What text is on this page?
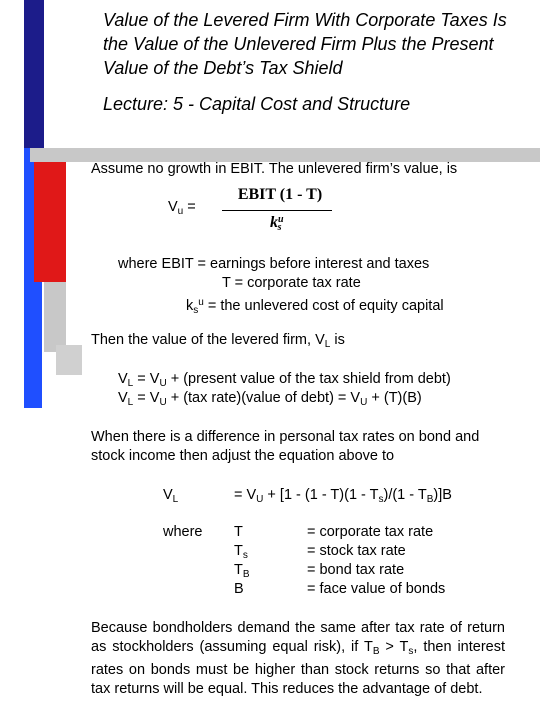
Value of the Levered Firm With Corporate Taxes Is the Value of the Unlevered Firm Plus the Present Value of the Debt’s Tax Shield
Lecture: 5 - Capital Cost and Structure
Assume no growth in EBIT. The unlevered firm’s value, is
$V_u$ =
EBIT (1 - T)
$k^u_s$
where EBIT = earnings before interest and taxes
T = corporate tax rate
$k_s^u$ = the unlevered cost of equity capital
Then the value of the levered firm, $V_L$ is
$V_L = V_U$ + (present value of the tax shield from debt)
$V_L = V_U + (tax$ rate)(value of debt) = $V_U + (T)(B)$
When there is a difference in personal tax rates on bond and stock income then adjust the equation above to
$V_L$	= $V_U + [1 - (1 - T)(1 - T_s)/(1 - T_B)]B$
where T	= corporate tax rate
$T_s$	= stock tax rate
$T_B$	= bond tax rate
B	= face value of bonds
Because bondholders demand the same after tax rate of return as stockholders (assuming equal risk), if $T_B > T_s$, then interest rates on bonds must be higher than stock returns so that after tax returns will be equal. This reduces the advantage of debt.
